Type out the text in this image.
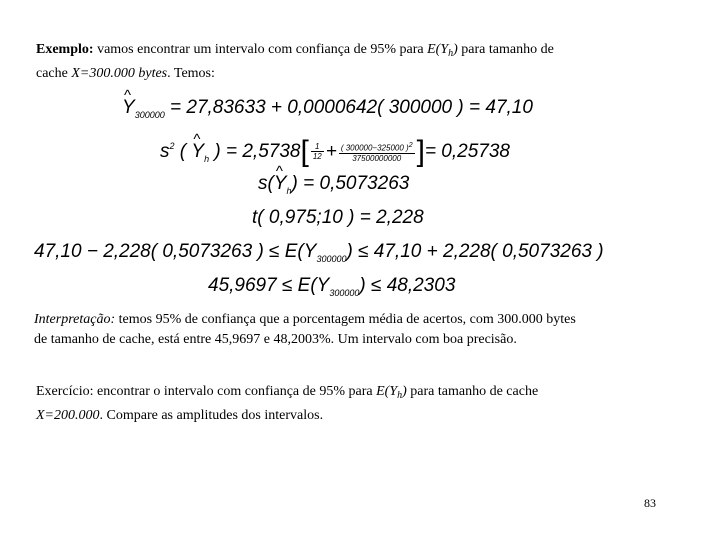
Exemplo: vamos encontrar um intervalo com confiança de 95% para $E(Y_h)$ para tamanho de
cache X=300.000 bytes. Temos:
^ $Y_{300000} = 27,83633 + 0,0000642$( 300000 ) = 47,10
$s^2$ ( ^ $Y_h$ ) = $2,5738[ \frac{1}{12} + \frac{( 300000-325000 )^2}{37500000000}$ ]= 0,25738
s(^ $Y_h) = 0,5073263$
t( 0,975;10 ) = 2,228
47,10 − 2,228( 0,5073263 ) ≤ $E(Y_{300000}) \le 47,10 + 2,228$( 0,5073263 )
$45,9697 \le E(Y_{300000}) \le 48,2303$
Interpretação: temos 95% de confiança que a porcentagem média de acertos, com 300.000 bytes
de tamanho de cache, está entre 45,9697 e 48,2003%. Um intervalo com boa precisão.
Exercício: encontrar o intervalo com confiança de 95% para $E(Y_h)$ para tamanho de cache
X=200.000. Compare as amplitudes dos intervalos.
83
